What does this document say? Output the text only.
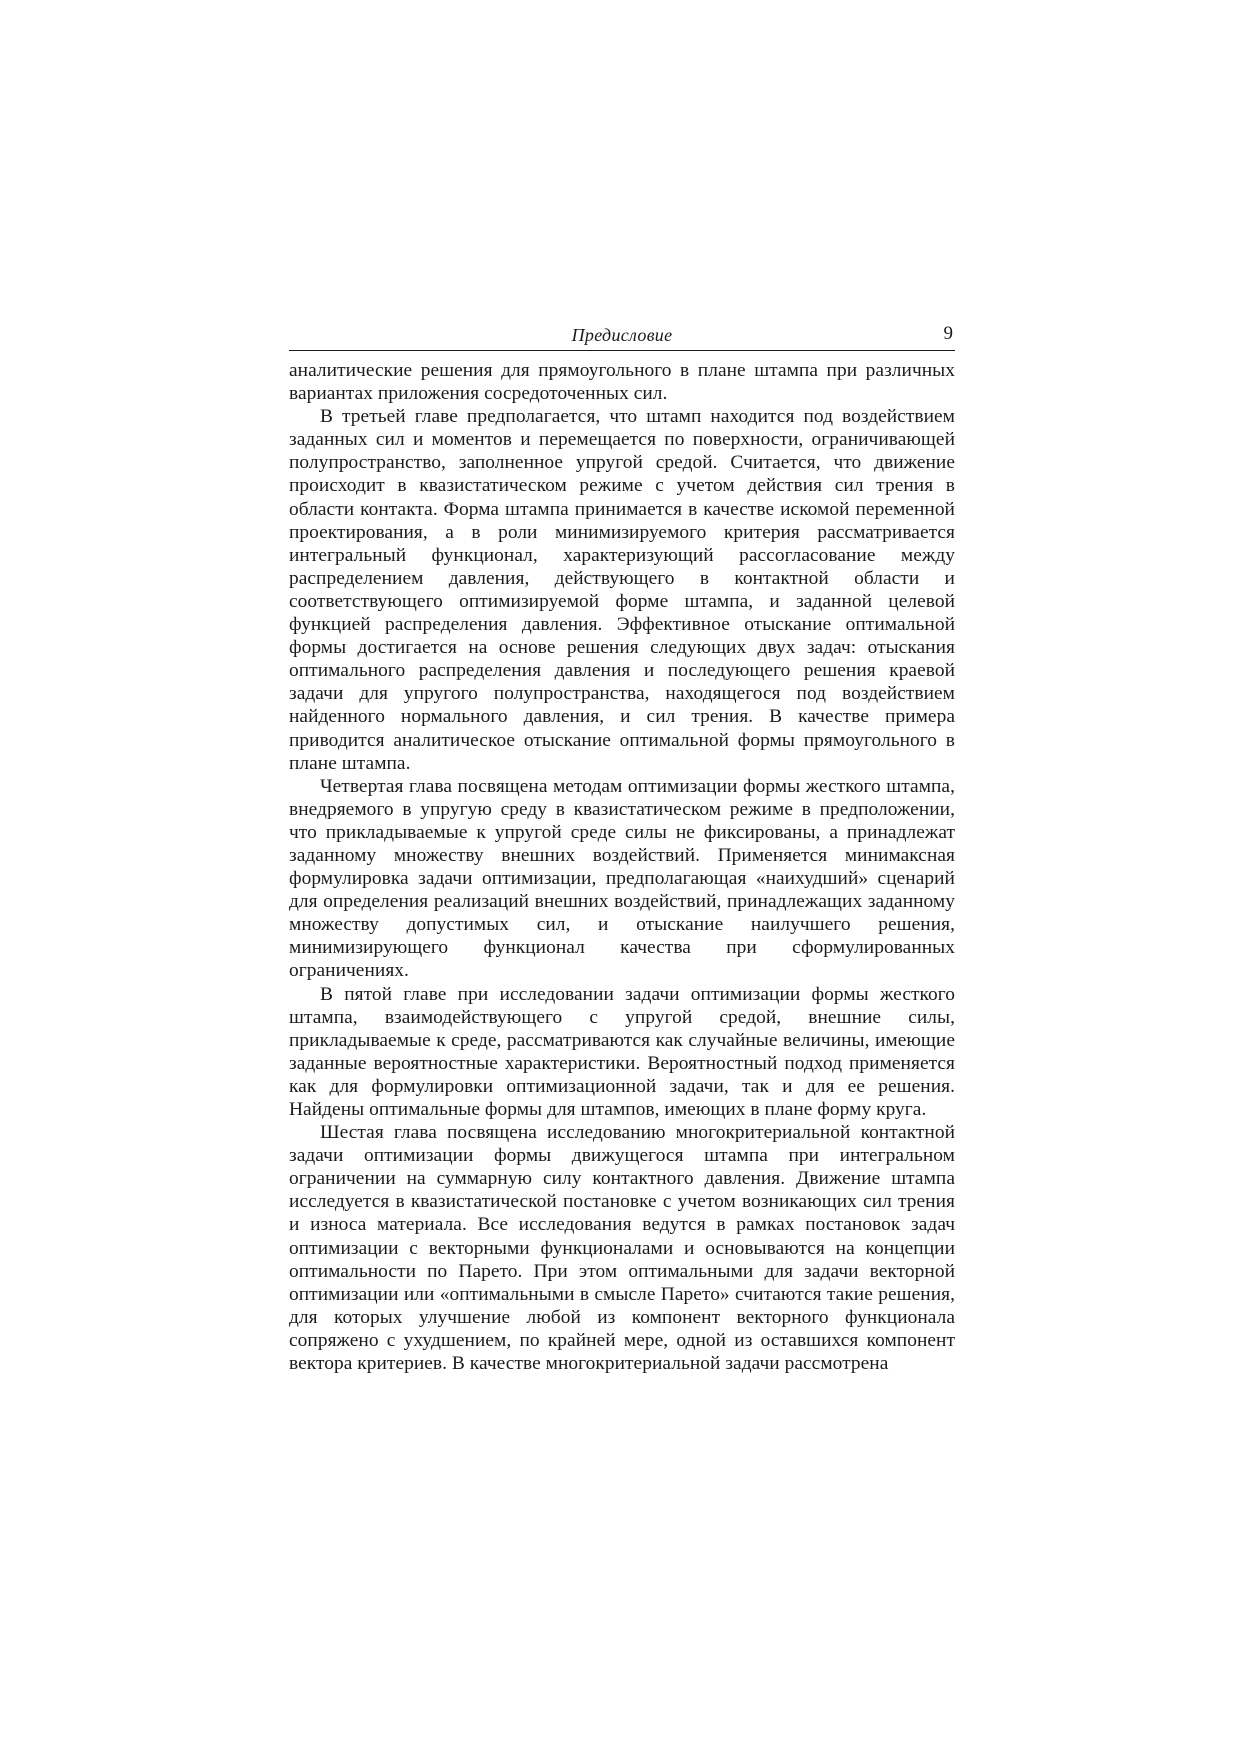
Предисловие	9

аналитические решения для прямоугольного в плане штампа при различных вариантах приложения сосредоточенных сил.

В третьей главе предполагается, что штамп находится под воздействием заданных сил и моментов и перемещается по поверхности, ограничивающей полупространство, заполненное упругой средой. Считается, что движение происходит в квазистатическом режиме с учетом действия сил трения в области контакта. Форма штампа принимается в качестве искомой переменной проектирования, а в роли минимизируемого критерия рассматривается интегральный функционал, характеризующий рассогласование между распределением давления, действующего в контактной области и соответствующего оптимизируемой форме штампа, и заданной целевой функцией распределения давления. Эффективное отыскание оптимальной формы достигается на основе решения следующих двух задач: отыскания оптимального распределения давления и последующего решения краевой задачи для упругого полупространства, находящегося под воздействием найденного нормального давления, и сил трения. В качестве примера приводится аналитическое отыскание оптимальной формы прямоугольного в плане штампа.

Четвертая глава посвящена методам оптимизации формы жесткого штампа, внедряемого в упругую среду в квазистатическом режиме в предположении, что прикладываемые к упругой среде силы не фиксированы, а принадлежат заданному множеству внешних воздействий. Применяется минимаксная формулировка задачи оптимизации, предполагающая «наихудший» сценарий для определения реализаций внешних воздействий, принадлежащих заданному множеству допустимых сил, и отыскание наилучшего решения, минимизирующего функционал качества при сформулированных ограничениях.

В пятой главе при исследовании задачи оптимизации формы жесткого штампа, взаимодействующего с упругой средой, внешние силы, прикладываемые к среде, рассматриваются как случайные величины, имеющие заданные вероятностные характеристики. Вероятностный подход применяется как для формулировки оптимизационной задачи, так и для ее решения. Найдены оптимальные формы для штампов, имеющих в плане форму круга.

Шестая глава посвящена исследованию многокритериальной контактной задачи оптимизации формы движущегося штампа при интегральном ограничении на суммарную силу контактного давления. Движение штампа исследуется в квазистатической постановке с учетом возникающих сил трения и износа материала. Все исследования ведутся в рамках постановок задач оптимизации с векторными функционалами и основываются на концепции оптимальности по Парето. При этом оптимальными для задачи векторной оптимизации или «оптимальными в смысле Парето» считаются такие решения, для которых улучшение любой из компонент векторного функционала сопряжено с ухудшением, по крайней мере, одной из оставшихся компонент вектора критериев. В качестве многокритериальной задачи рассмотрена
